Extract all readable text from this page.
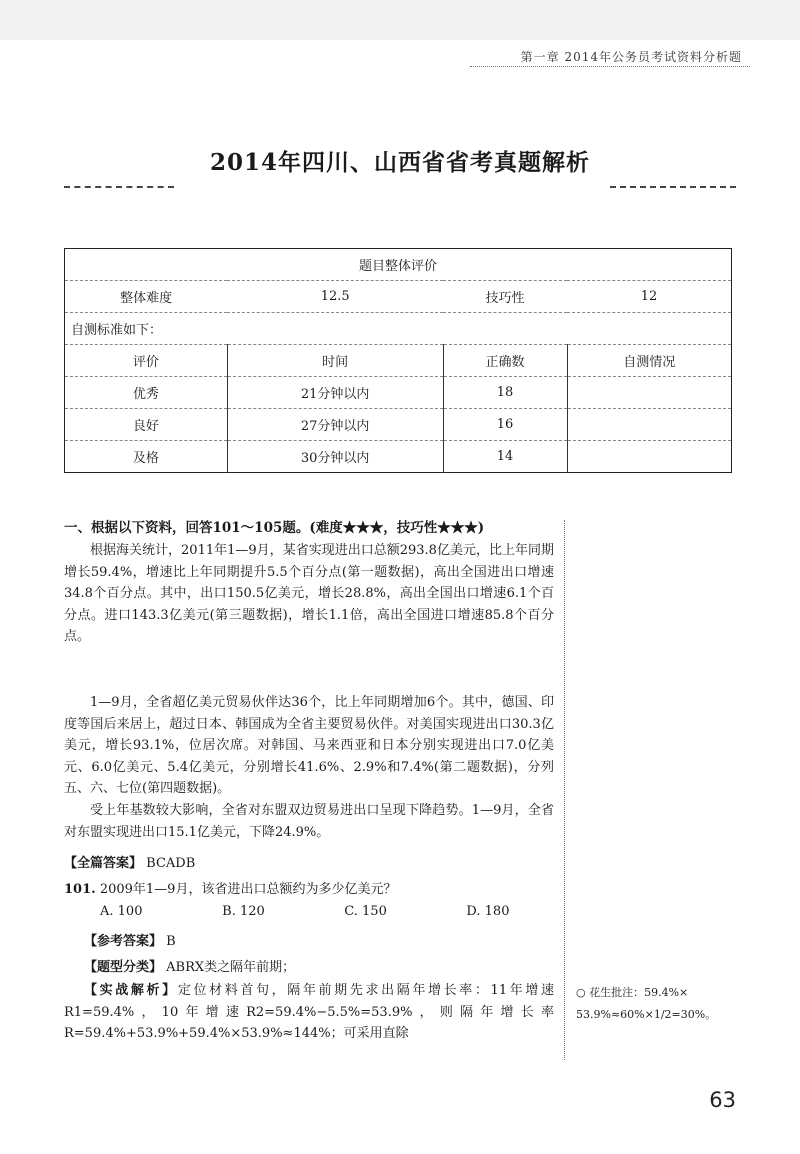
第一章 2014年公务员考试资料分析题
2014年四川、山西省省考真题解析
题目整体评价			
整体难度	12.5	技巧性	12
自测标准如下：			
评价	时间	正确数	自测情况
优秀	21分钟以内	18	
良好	27分钟以内	16	
及格	30分钟以内	14	
一、根据以下资料，回答101～105题。(难度★★★，技巧性★★★)
根据海关统计，2011年1—9月，某省实现进出口总额293.8亿美元，比上年同期增长59.4%，增速比上年同期提升5.5个百分点(第一题数据)，高出全国进出口增速34.8个百分点。其中，出口150.5亿美元，增长28.8%，高出全国出口增速6.1个百分点。进口143.3亿美元(第三题数据)，增长1.1倍，高出全国进口增速85.8个百分点。
1—9月，全省超亿美元贸易伙伴达36个，比上年同期增加6个。其中，德国、印度等国后来居上，超过日本、韩国成为全省主要贸易伙伴。对美国实现进出口30.3亿美元，增长93.1%，位居次席。对韩国、马来西亚和日本分别实现进出口7.0亿美元、6.0亿美元、5.4亿美元，分别增长41.6%、2.9%和7.4%(第二题数据)，分列五、六、七位(第四题数据)。
受上年基数较大影响，全省对东盟双边贸易进出口呈现下降趋势。1—9月，全省对东盟实现进出口15.1亿美元，下降24.9%。
【全篇答案】 BCADB
101. 2009年1—9月，该省进出口总额约为多少亿美元？
A. 100	B. 120	C. 150	D. 180
【参考答案】 B
【题型分类】 ABRX类之隔年前期；
【实战解析】定位材料首句，隔年前期先求出隔年增长率：11年增速R1=59.4%，10年增速R2=59.4%−5.5%=53.9%，则隔年增长率R=59.4%+53.9%+59.4%×53.9%≈144%；可采用直除
○ 花生批注：59.4%×
53.9%≈60%×1/2=30%。
63
